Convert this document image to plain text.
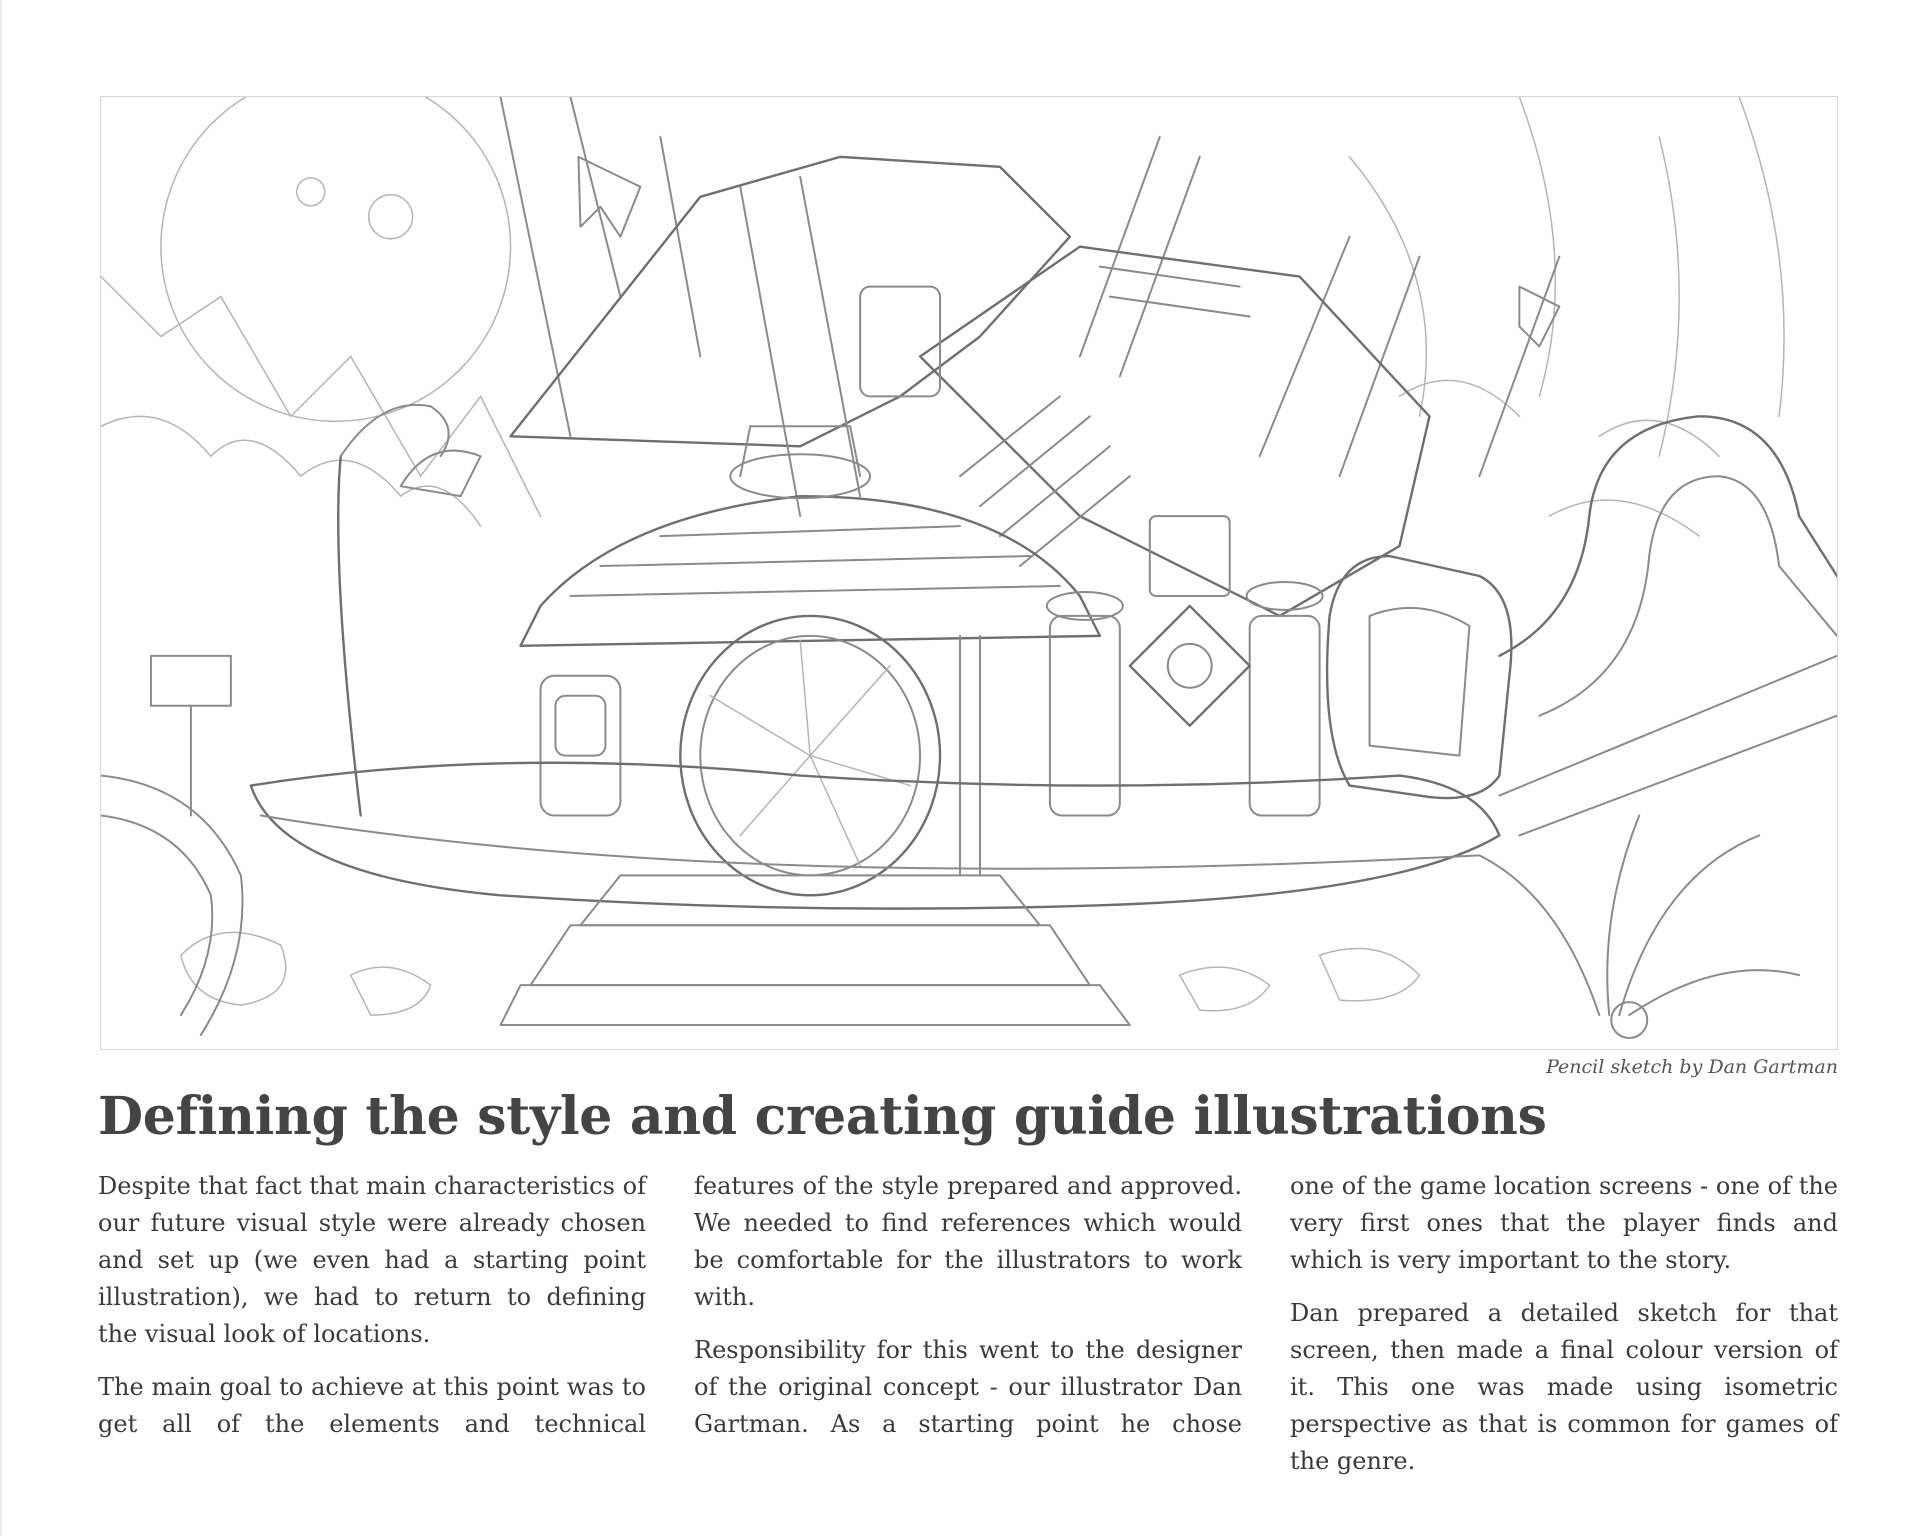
Pencil sketch by Dan Gartman
Defining the style and creating guide illustrations

Despite that fact that main characteristics of our future visual style were already chosen and set up (we even had a starting point illustration), we had to return to defining the visual look of locations.

The main goal to achieve at this point was to get all of the elements and technical

features of the style prepared and approved. We needed to find references which would be comfortable for the illustrators to work with.

Responsibility for this went to the designer of the original concept - our illustrator Dan Gartman. As a starting point he chose

one of the game location screens - one of the very first ones that the player finds and which is very important to the story.

Dan prepared a detailed sketch for that screen, then made a final colour version of it. This one was made using isometric perspective as that is common for games of the genre.
